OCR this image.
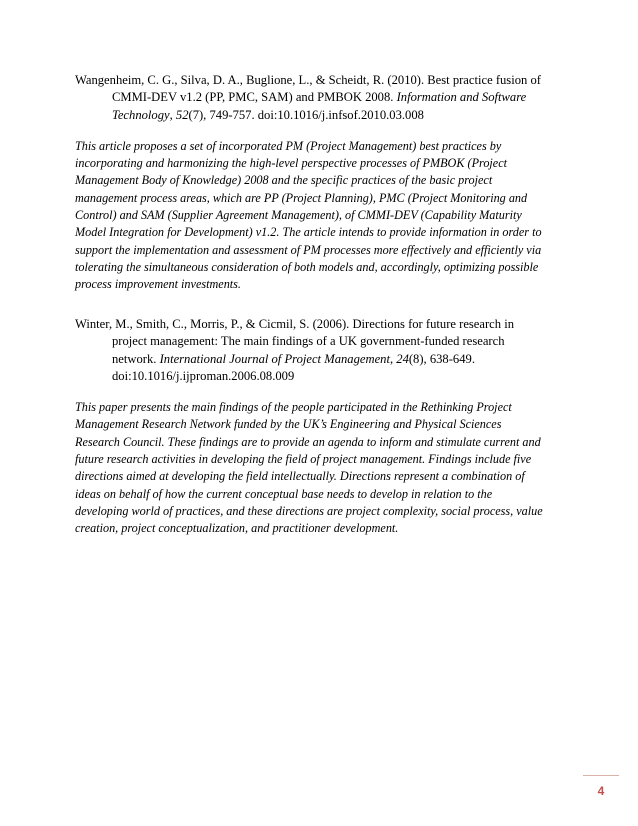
Wangenheim, C. G., Silva, D. A., Buglione, L., & Scheidt, R. (2010). Best practice fusion of CMMI-DEV v1.2 (PP, PMC, SAM) and PMBOK 2008. Information and Software Technology, 52(7), 749-757. doi:10.1016/j.infsof.2010.03.008

This article proposes a set of incorporated PM (Project Management) best practices by incorporating and harmonizing the high-level perspective processes of PMBOK (Project Management Body of Knowledge) 2008 and the specific practices of the basic project management process areas, which are PP (Project Planning), PMC (Project Monitoring and Control) and SAM (Supplier Agreement Management), of CMMI-DEV (Capability Maturity Model Integration for Development) v1.2. The article intends to provide information in order to support the implementation and assessment of PM processes more effectively and efficiently via tolerating the simultaneous consideration of both models and, accordingly, optimizing possible process improvement investments.

Winter, M., Smith, C., Morris, P., & Cicmil, S. (2006). Directions for future research in project management: The main findings of a UK government-funded research network. International Journal of Project Management, 24(8), 638-649. doi:10.1016/j.ijproman.2006.08.009

This paper presents the main findings of the people participated in the Rethinking Project Management Research Network funded by the UK’s Engineering and Physical Sciences Research Council. These findings are to provide an agenda to inform and stimulate current and future research activities in developing the field of project management. Findings include five directions aimed at developing the field intellectually. Directions represent a combination of ideas on behalf of how the current conceptual base needs to develop in relation to the developing world of practices, and these directions are project complexity, social process, value creation, project conceptualization, and practitioner development.

4
